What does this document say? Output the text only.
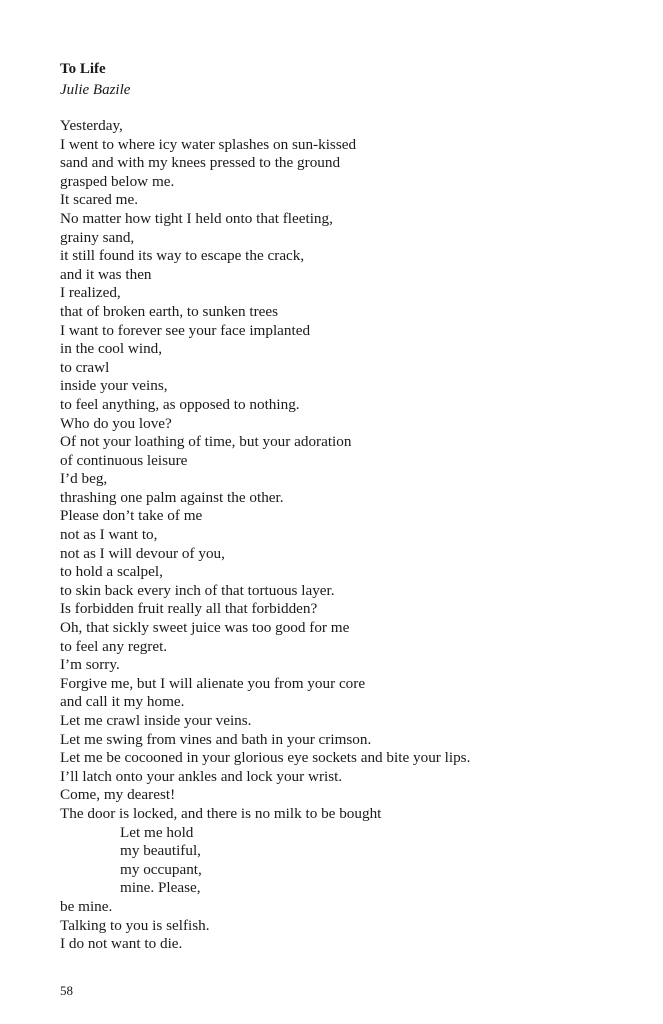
To Life
Julie Bazile
Yesterday,
I went to where icy water splashes on sun-kissed
sand and with my knees pressed to the ground
grasped below me.
It scared me.
No matter how tight I held onto that fleeting,
grainy sand,
it still found its way to escape the crack,
and it was then
I realized,
that of broken earth, to sunken trees
I want to forever see your face implanted
in the cool wind,
to crawl
inside your veins,
to feel anything, as opposed to nothing.
Who do you love?
Of not your loathing of time, but your adoration
of continuous leisure
I’d beg,
thrashing one palm against the other.
Please don’t take of me
not as I want to,
not as I will devour of you,
to hold a scalpel,
to skin back every inch of that tortuous layer.
Is forbidden fruit really all that forbidden?
Oh, that sickly sweet juice was too good for me
to feel any regret.
I’m sorry.
Forgive me, but I will alienate you from your core
and call it my home.
Let me crawl inside your veins.
Let me swing from vines and bath in your crimson.
Let me be cocooned in your glorious eye sockets and bite your lips.
I’ll latch onto your ankles and lock your wrist.
Come, my dearest!
The door is locked, and there is no milk to be bought
Let me hold
my beautiful,
my occupant,
mine. Please,
be mine.
Talking to you is selfish.
I do not want to die.
58
